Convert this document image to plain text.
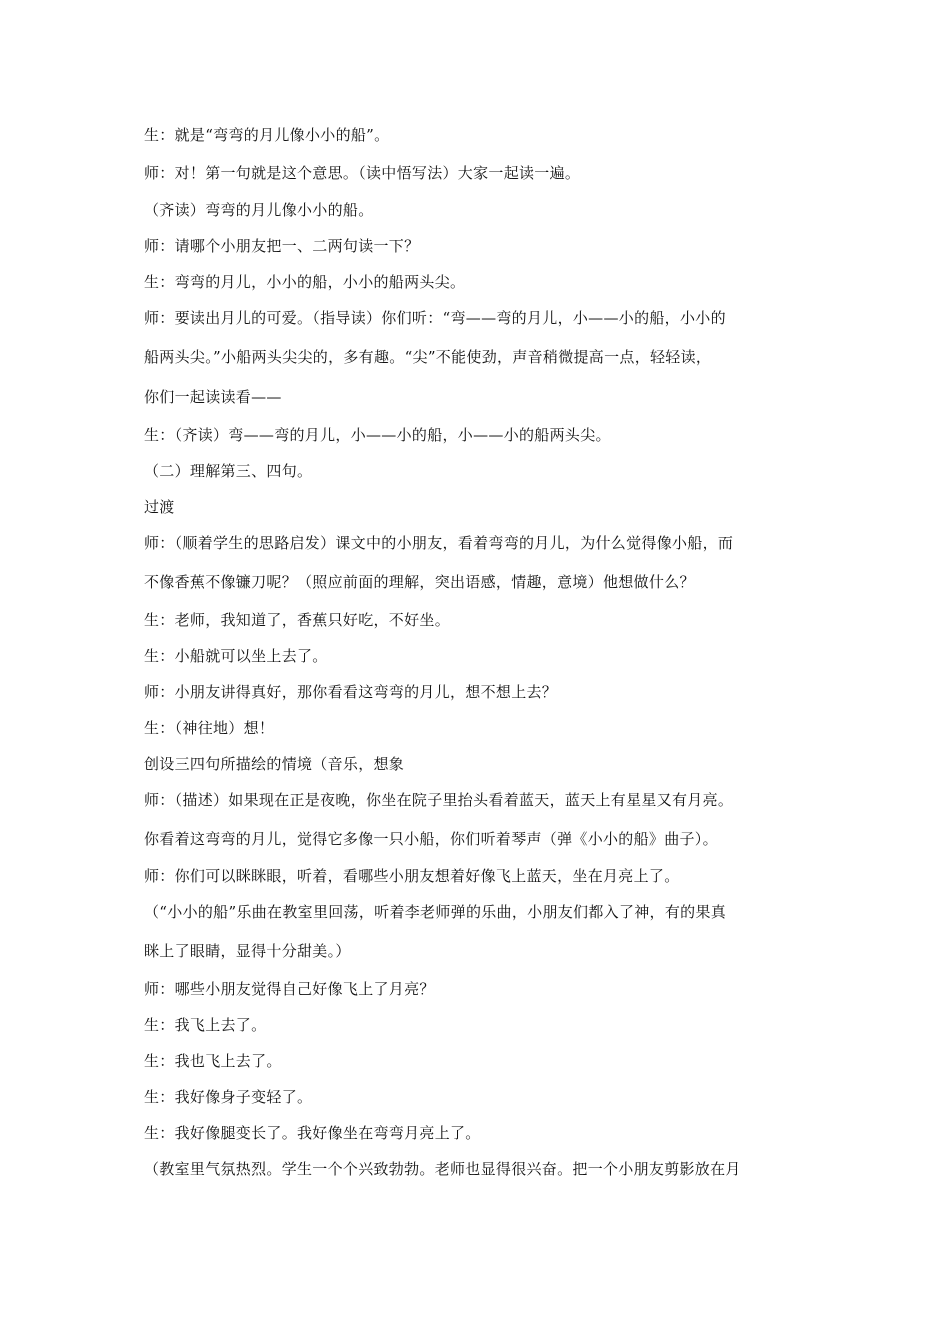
生：就是“弯弯的月儿像小小的船”。
师：对！第一句就是这个意思。（读中悟写法）大家一起读一遍。
（齐读）弯弯的月儿像小小的船。
师：请哪个小朋友把一、二两句读一下？
生：弯弯的月儿，小小的船，小小的船两头尖。
师：要读出月儿的可爱。（指导读）你们听：“弯——弯的月儿，小——小的船，小小的
船两头尖。”小船两头尖尖的，多有趣。“尖”不能使劲，声音稍微提高一点，轻轻读，
你们一起读读看——
生：（齐读）弯——弯的月儿，小——小的船，小——小的船两头尖。
（二）理解第三、四句。
过渡
师：（顺着学生的思路启发）课文中的小朋友，看着弯弯的月儿，为什么觉得像小船，而
不像香蕉不像镰刀呢？（照应前面的理解，突出语感，情趣，意境）他想做什么？
生：老师，我知道了，香蕉只好吃，不好坐。
生：小船就可以坐上去了。
师：小朋友讲得真好，那你看看这弯弯的月儿，想不想上去？
生：（神往地）想！
创设三四句所描绘的情境（音乐，想象
师：（描述）如果现在正是夜晚，你坐在院子里抬头看着蓝天，蓝天上有星星又有月亮。
你看着这弯弯的月儿，觉得它多像一只小船，你们听着琴声（弹《小小的船》曲子）。
师：你们可以眯眯眼，听着，看哪些小朋友想着好像飞上蓝天，坐在月亮上了。
（“小小的船”乐曲在教室里回荡，听着李老师弹的乐曲，小朋友们都入了神，有的果真
眯上了眼睛，显得十分甜美。）
师：哪些小朋友觉得自己好像飞上了月亮？
生：我飞上去了。
生：我也飞上去了。
生：我好像身子变轻了。
生：我好像腿变长了。我好像坐在弯弯月亮上了。
（教室里气氛热烈。学生一个个兴致勃勃。老师也显得很兴奋。把一个小朋友剪影放在月
